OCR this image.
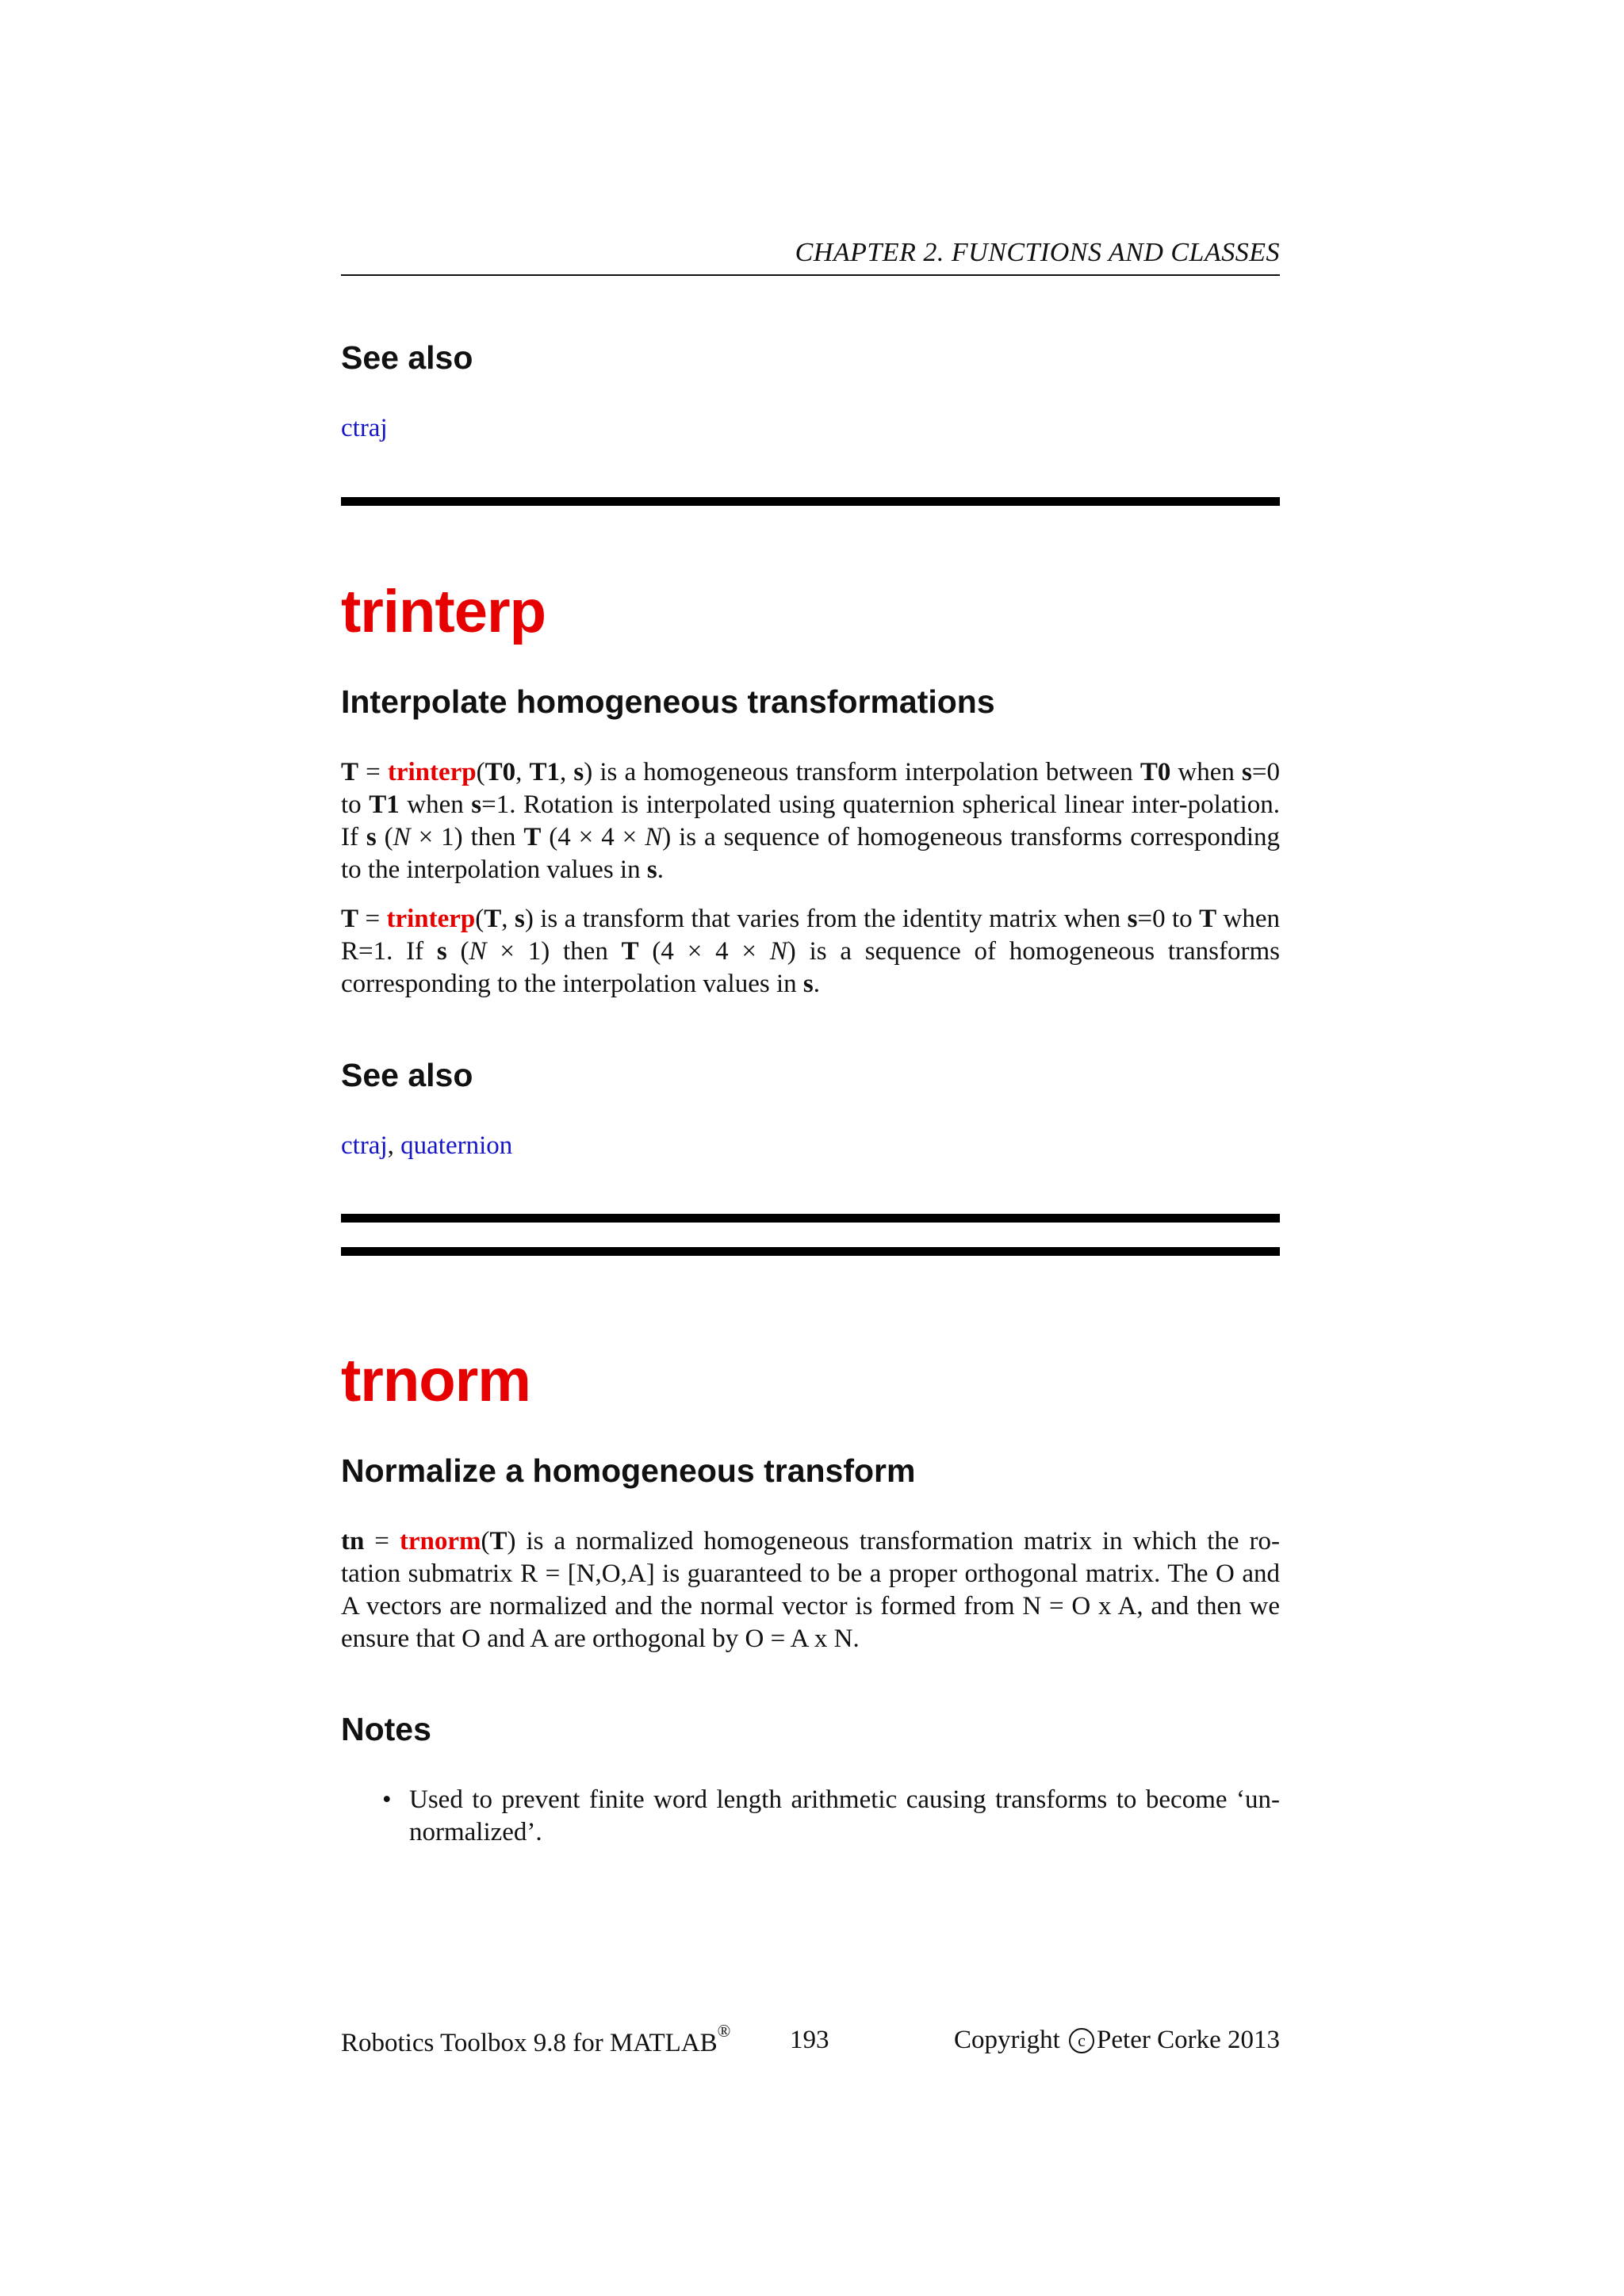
CHAPTER 2. FUNCTIONS AND CLASSES
See also
ctraj
trinterp
Interpolate homogeneous transformations

T = trinterp(T0, T1, s) is a homogeneous transform interpolation between T0 when s=0 to T1 when s=1. Rotation is interpolated using quaternion spherical linear inter-polation. If s (N × 1) then T (4 × 4 × N) is a sequence of homogeneous transforms corresponding to the interpolation values in s.

T = trinterp(T, s) is a transform that varies from the identity matrix when s=0 to T when R=1. If s (N × 1) then T (4 × 4 × N) is a sequence of homogeneous transforms corresponding to the interpolation values in s.

See also
ctraj, quaternion
trnorm
Normalize a homogeneous transform

tn = trnorm(T) is a normalized homogeneous transformation matrix in which the ro-tation submatrix R = [N,O,A] is guaranteed to be a proper orthogonal matrix. The O and A vectors are normalized and the normal vector is formed from N = O x A, and then we ensure that O and A are orthogonal by O = A x N.

Notes
• Used to prevent finite word length arithmetic causing transforms to become ‘un-normalized’.
Robotics Toolbox 9.8 for MATLAB® 193	Copyright c Peter Corke 2013
